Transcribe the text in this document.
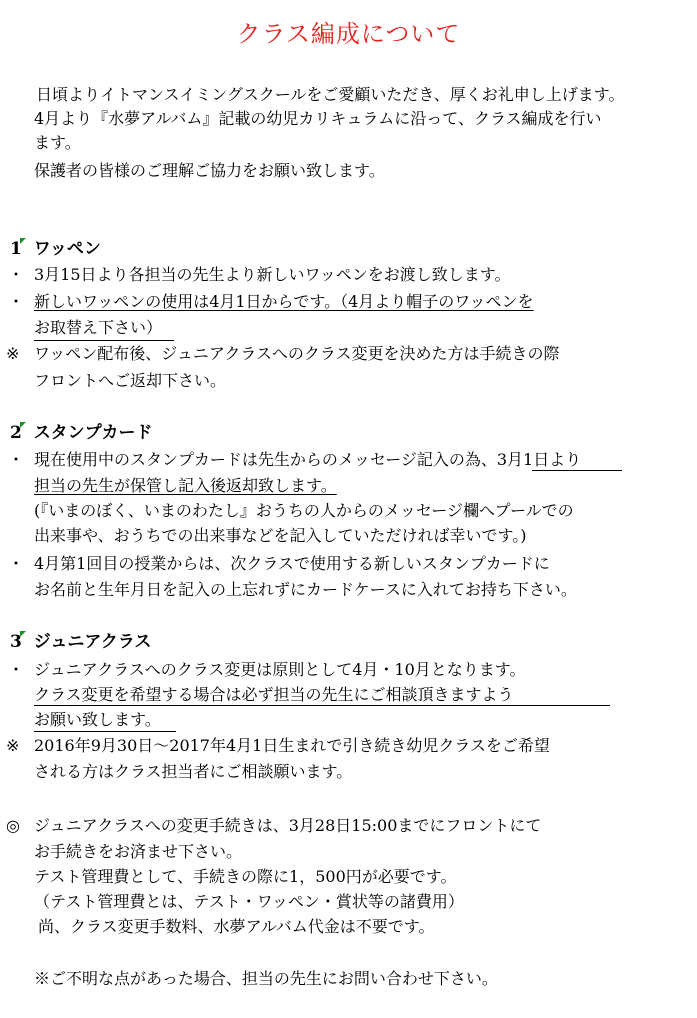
クラス編成について
日頃よりイトマンスイミングスクールをご愛顧いただき、厚くお礼申し上げます。
4月より『水夢アルバム』記載の幼児カリキュラムに沿って、クラス編成を行い
ます。
保護者の皆様のご理解ご協力をお願い致します。
1 ワッペン
・ 3月15日より各担当の先生より新しいワッペンをお渡し致します。
・ 新しいワッペンの使用は4月1日からです。（4月より帽子のワッペンを
お取替え下さい）
※ ワッペン配布後、ジュニアクラスへのクラス変更を決めた方は手続きの際
フロントへご返却下さい。
2 スタンプカード
・ 現在使用中のスタンプカードは先生からのメッセージ記入の為、3月1日より
担当の先生が保管し記入後返却致します。
(『いまのぼく、いまのわたし』おうちの人からのメッセージ欄へプールでの
出来事や、おうちでの出来事などを記入していただければ幸いです。)
・ 4月第1回目の授業からは、次クラスで使用する新しいスタンプカードに
お名前と生年月日を記入の上忘れずにカードケースに入れてお持ち下さい。
3 ジュニアクラス
・ ジュニアクラスへのクラス変更は原則として4月・10月となります。
クラス変更を希望する場合は必ず担当の先生にご相談頂きますよう
お願い致します。
※ 2016年9月30日～2017年4月1日生まれで引き続き幼児クラスをご希望
される方はクラス担当者にご相談願います。
◎ ジュニアクラスへの変更手続きは、3月28日15:00までにフロントにて
お手続きをお済ませ下さい。
テスト管理費として、手続きの際に1，500円が必要です。
（テスト管理費とは、テスト・ワッペン・賞状等の諸費用）
尚、クラス変更手数料、水夢アルバム代金は不要です。
※ご不明な点があった場合、担当の先生にお問い合わせ下さい。
